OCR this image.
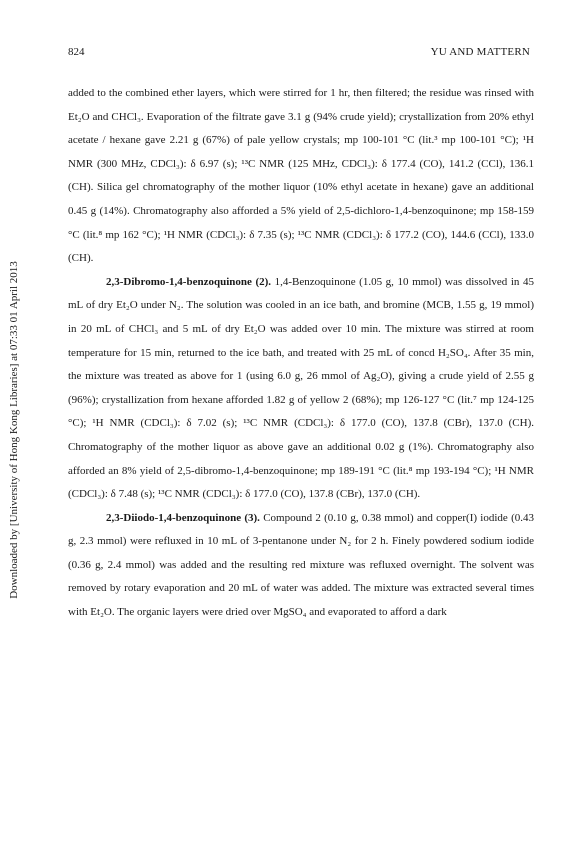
824	YU AND MATTERN
Downloaded by [University of Hong Kong Libraries] at 07:33 01 April 2013

added to the combined ether layers, which were stirred for 1 hr, then filtered; the residue was rinsed with Et₂O and CHCl₃. Evaporation of the filtrate gave 3.1 g (94% crude yield); crystallization from 20% ethyl acetate / hexane gave 2.21 g (67%) of pale yellow crystals; mp 100-101 °C (lit.³ mp 100-101 °C); ¹H NMR (300 MHz, CDCl₃): δ 6.97 (s); ¹³C NMR (125 MHz, CDCl₃): δ 177.4 (CO), 141.2 (CCl), 136.1 (CH). Silica gel chromatography of the mother liquor (10% ethyl acetate in hexane) gave an additional 0.45 g (14%). Chromatography also afforded a 5% yield of 2,5-dichloro-1,4-benzoquinone; mp 158-159 °C (lit.⁸ mp 162 °C); ¹H NMR (CDCl₃): δ 7.35 (s); ¹³C NMR (CDCl₃): δ 177.2 (CO), 144.6 (CCl), 133.0 (CH).

2,3-Dibromo-1,4-benzoquinone (2). 1,4-Benzoquinone (1.05 g, 10 mmol) was dissolved in 45 mL of dry Et₂O under N₂. The solution was cooled in an ice bath, and bromine (MCB, 1.55 g, 19 mmol) in 20 mL of CHCl₃ and 5 mL of dry Et₂O was added over 10 min. The mixture was stirred at room temperature for 15 min, returned to the ice bath, and treated with 25 mL of concd H₂SO₄. After 35 min, the mixture was treated as above for 1 (using 6.0 g, 26 mmol of Ag₂O), giving a crude yield of 2.55 g (96%); crystallization from hexane afforded 1.82 g of yellow 2 (68%); mp 126-127 °C (lit.⁷ mp 124-125 °C); ¹H NMR (CDCl₃): δ 7.02 (s); ¹³C NMR (CDCl₃): δ 177.0 (CO), 137.8 (CBr), 137.0 (CH). Chromatography of the mother liquor as above gave an additional 0.02 g (1%). Chromatography also afforded an 8% yield of 2,5-dibromo-1,4-benzoquinone; mp 189-191 °C (lit.⁸ mp 193-194 °C); ¹H NMR (CDCl₃): δ 7.48 (s); ¹³C NMR (CDCl₃): δ 177.0 (CO), 137.8 (CBr), 137.0 (CH).

2,3-Diiodo-1,4-benzoquinone (3). Compound 2 (0.10 g, 0.38 mmol) and copper(I) iodide (0.43 g, 2.3 mmol) were refluxed in 10 mL of 3-pentanone under N₂ for 2 h. Finely powdered sodium iodide (0.36 g, 2.4 mmol) was added and the resulting red mixture was refluxed overnight. The solvent was removed by rotary evaporation and 20 mL of water was added. The mixture was extracted several times with Et₂O. The organic layers were dried over MgSO₄ and evaporated to afford a dark
